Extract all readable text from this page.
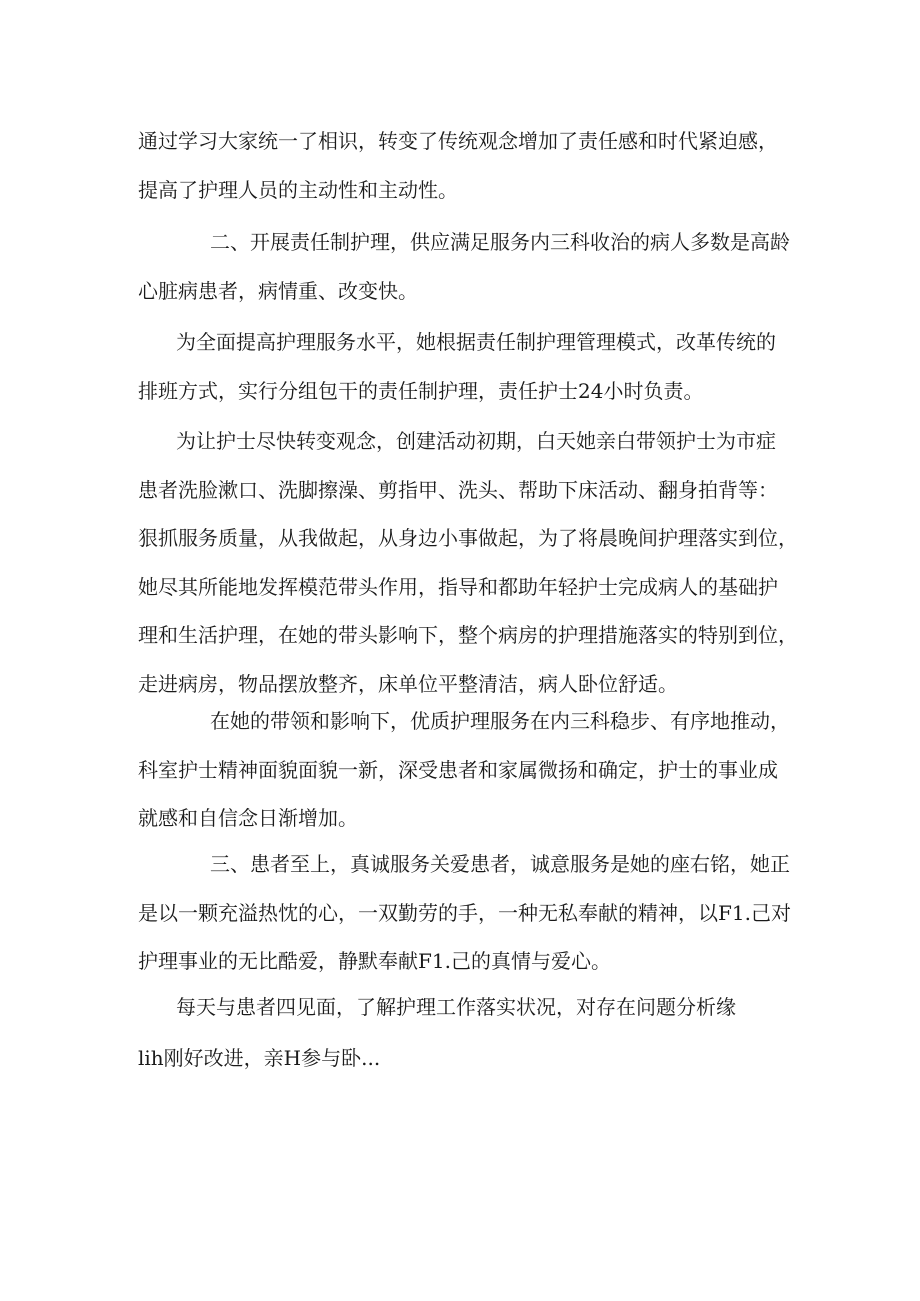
通过学习大家统一了相识，转变了传统观念增加了责任感和时代紧迫感，
提高了护理人员的主动性和主动性。
二、开展责任制护理，供应满足服务内三科收治的病人多数是高龄
心脏病患者，病情重、改变快。
为全面提高护理服务水平，她根据责任制护理管理模式，改革传统的
排班方式，实行分组包干的责任制护理，责任护士24小时负责。
为让护士尽快转变观念，创建活动初期，白天她亲白带领护士为市症
患者洗脸漱口、洗脚擦澡、剪指甲、洗头、帮助下床活动、翻身拍背等：
狠抓服务质量，从我做起，从身边小事做起，为了将晨晚间护理落实到位，
她尽其所能地发挥模范带头作用，指导和都助年轻护士完成病人的基础护
理和生活护理，在她的带头影响下，整个病房的护理措施落实的特别到位，
走进病房，物品摆放整齐，床单位平整清洁，病人卧位舒适。
在她的带领和影响下，优质护理服务在内三科稳步、有序地推动，
科室护士精神面貌面貌一新，深受患者和家属微扬和确定，护士的事业成
就感和自信念日渐增加。
三、患者至上，真诚服务关爱患者，诚意服务是她的座右铭，她正
是以一颗充溢热忱的心，一双勤劳的手，一种无私奉献的精神，以F1.己对
护理事业的无比酷爱，静默奉献F1.己的真情与爱心。
每天与患者四见面，了解护理工作落实状况，对存在问题分析缘
lih刚好改进，亲H参与卧...
